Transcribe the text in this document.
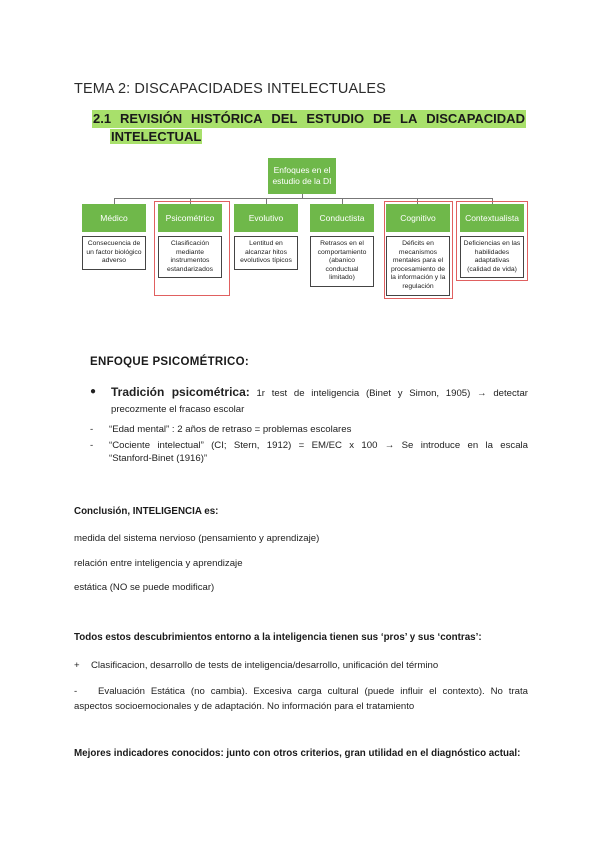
TEMA 2: DISCAPACIDADES INTELECTUALES
2.1 REVISIÓN HISTÓRICA DEL ESTUDIO DE LA DISCAPACIDAD
INTELECTUAL
Enfoques en el estudio de la DI
Médico
Consecuencia de un factor biológico adverso
Psicométrico
Clasificación mediante instrumentos estandarizados
Evolutivo
Lentitud en alcanzar hitos evolutivos típicos
Conductista
Retrasos en el comportamiento (abanico conductual limitado)
Cognitivo
Déficits en mecanismos mentales para el procesamiento de la información y la regulación
Contextualista
Deficiencias en las habilidades adaptativas (calidad de vida)
ENFOQUE PSICOMÉTRICO:
●	Tradición psicométrica: 1r test de inteligencia (Binet y Simon, 1905) → detectar
precozmente el fracaso escolar
-	“Edad mental” : 2 años de retraso = problemas escolares
-	“Cociente intelectual” (CI; Stern, 1912) = EM/EC x 100 → Se introduce en la escala
“Stanford-Binet (1916)”
Conclusión, INTELIGENCIA es:
medida del sistema nervioso (pensamiento y aprendizaje)
relación entre inteligencia y aprendizaje
estática (NO se puede modificar)
Todos estos descubrimientos entorno a la inteligencia tienen sus ‘pros’ y sus ‘contras’:
+ Clasificacion, desarrollo de tests de inteligencia/desarrollo, unificación del término
-	Evaluación Estática (no cambia). Excesiva carga cultural (puede influir el contexto). No trata
aspectos socioemocionales y de adaptación. No información para el tratamiento
Mejores indicadores conocidos: junto con otros criterios, gran utilidad en el diagnóstico actual:
